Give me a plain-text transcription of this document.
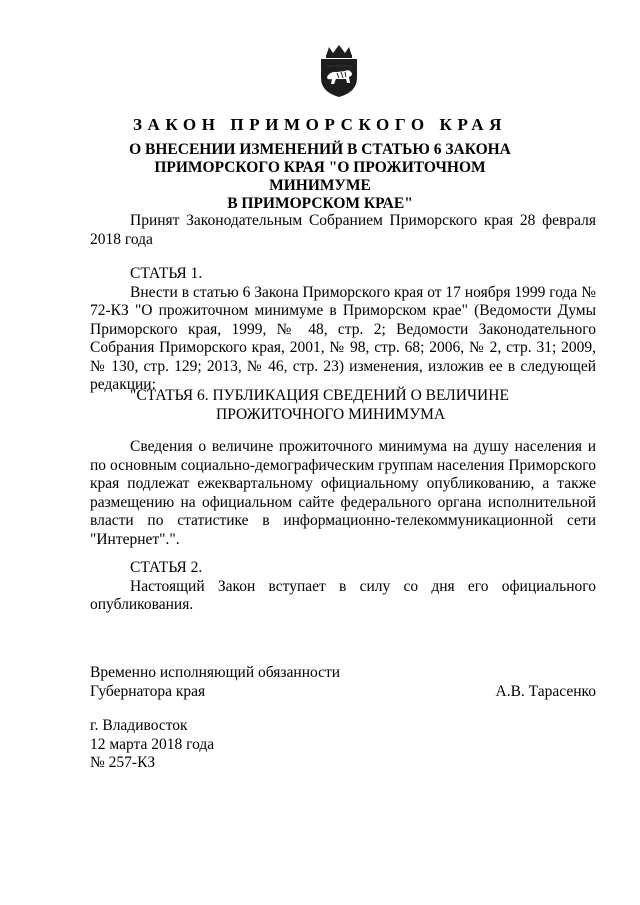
ЗАКОН ПРИМОРСКОГО КРАЯ
О ВНЕСЕНИИ ИЗМЕНЕНИЙ В СТАТЬЮ 6 ЗАКОНА
ПРИМОРСКОГО КРАЯ "О ПРОЖИТОЧНОМ МИНИМУМЕ
В ПРИМОРСКОМ КРАЕ"

Принят Законодательным Собранием Приморского края 28 февраля 2018 года

СТАТЬЯ 1.

Внести в статью 6 Закона Приморского края от 17 ноября 1999 года № 72-КЗ "О прожиточном минимуме в Приморском крае" (Ведомости Думы Приморского края, 1999, № 48, стр. 2; Ведомости Законодательного Собрания Приморского края, 2001, № 98, стр. 68; 2006, № 2, стр. 31; 2009, № 130, стр. 129; 2013, № 46, стр. 23) изменения, изложив ее в следующей редакции:

"СТАТЬЯ 6. ПУБЛИКАЦИЯ СВЕДЕНИЙ О ВЕЛИЧИНЕ
ПРОЖИТОЧНОГО МИНИМУМА

Сведения о величине прожиточного минимума на душу населения и по основным социально-демографическим группам населения Приморского края подлежат ежеквартальному официальному опубликованию, а также размещению на официальном сайте федерального органа исполнительной власти по статистике в информационно-телекоммуникационной сети "Интернет".".

СТАТЬЯ 2.

Настоящий Закон вступает в силу со дня его официального опубликования.

Временно исполняющий обязанности
Губернатора края	А.В. Тарасенко
г. Владивосток
12 марта 2018 года
№ 257-КЗ
